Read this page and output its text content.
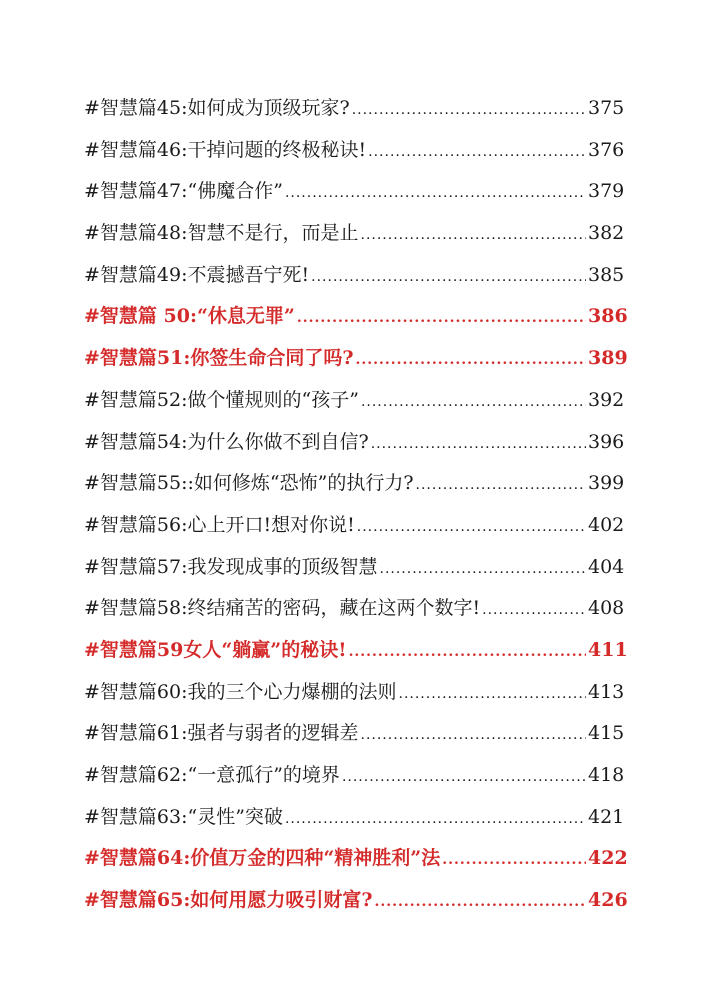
#智慧篇45:如何成为顶级玩家? .....	375
#智慧篇46:干掉问题的终极秘诀! .....	376
#智慧篇47:“佛魔合作” .....	379
#智慧篇48:智慧不是行，而是止 .....	382
#智慧篇49:不震撼吾宁死! .....	385
#智慧篇 50:“休息无罪” .....	386
#智慧篇51:你签生命合同了吗? .....	389
#智慧篇52:做个懂规则的“孩子” .....	392
#智慧篇54:为什么你做不到自信? .....	396
#智慧篇55::如何修炼“恐怖”的执行力? .....	399
#智慧篇56:心上开口!想对你说! .....	402
#智慧篇57:我发现成事的顶级智慧 .....	404
#智慧篇58:终结痛苦的密码，藏在这两个数字! .....	408
#智慧篇59女人“躺赢”的秘诀! .....	411
#智慧篇60:我的三个心力爆棚的法则 .....	413
#智慧篇61:强者与弱者的逻辑差 .....	415
#智慧篇62:“一意孤行”的境界 .....	418
#智慧篇63:“灵性”突破 .....	421
#智慧篇64:价值万金的四种“精神胜利”法 .....	422
#智慧篇65:如何用愿力吸引财富? .....	426
